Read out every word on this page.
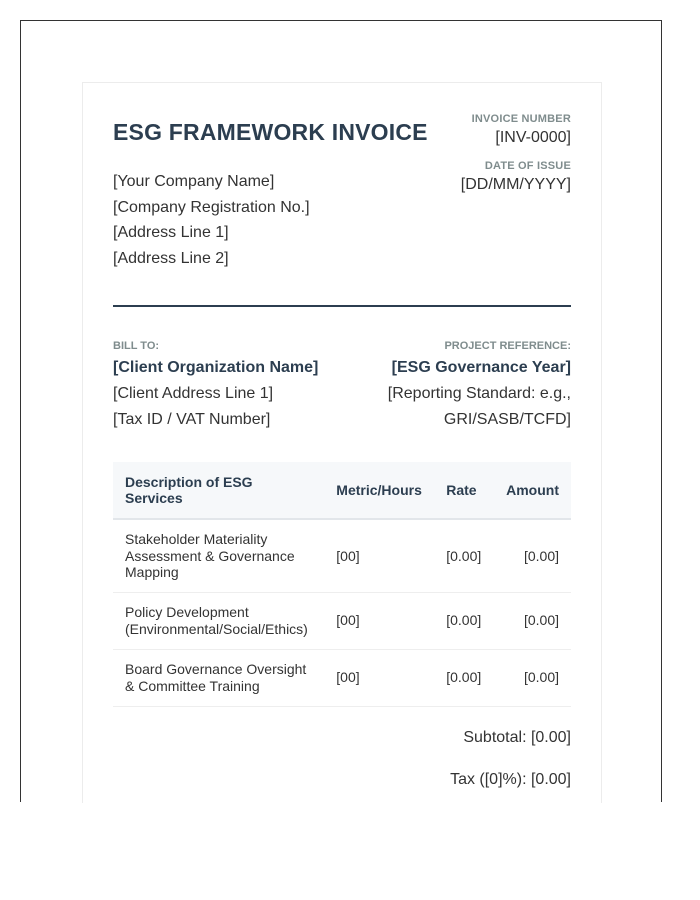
ESG FRAMEWORK INVOICE
[Your Company Name]
[Company Registration No.]
[Address Line 1]
[Address Line 2]
INVOICE NUMBER
[INV-0000]
DATE OF ISSUE
[DD/MM/YYYY]
BILL TO:
[Client Organization Name]
[Client Address Line 1]
[Tax ID / VAT Number]
PROJECT REFERENCE:
[ESG Governance Year]
[Reporting Standard: e.g.,
GRI/SASB/TCFD]
Description of ESG Services	Metric/Hours	Rate	Amount
Stakeholder Materiality Assessment & Governance Mapping	[00]	[0.00]	[0.00]
Policy Development (Environmental/Social/Ethics)	[00]	[0.00]	[0.00]
Board Governance Oversight & Committee Training	[00]	[0.00]	[0.00]
Subtotal: [0.00]
Tax ([0]%): [0.00]
